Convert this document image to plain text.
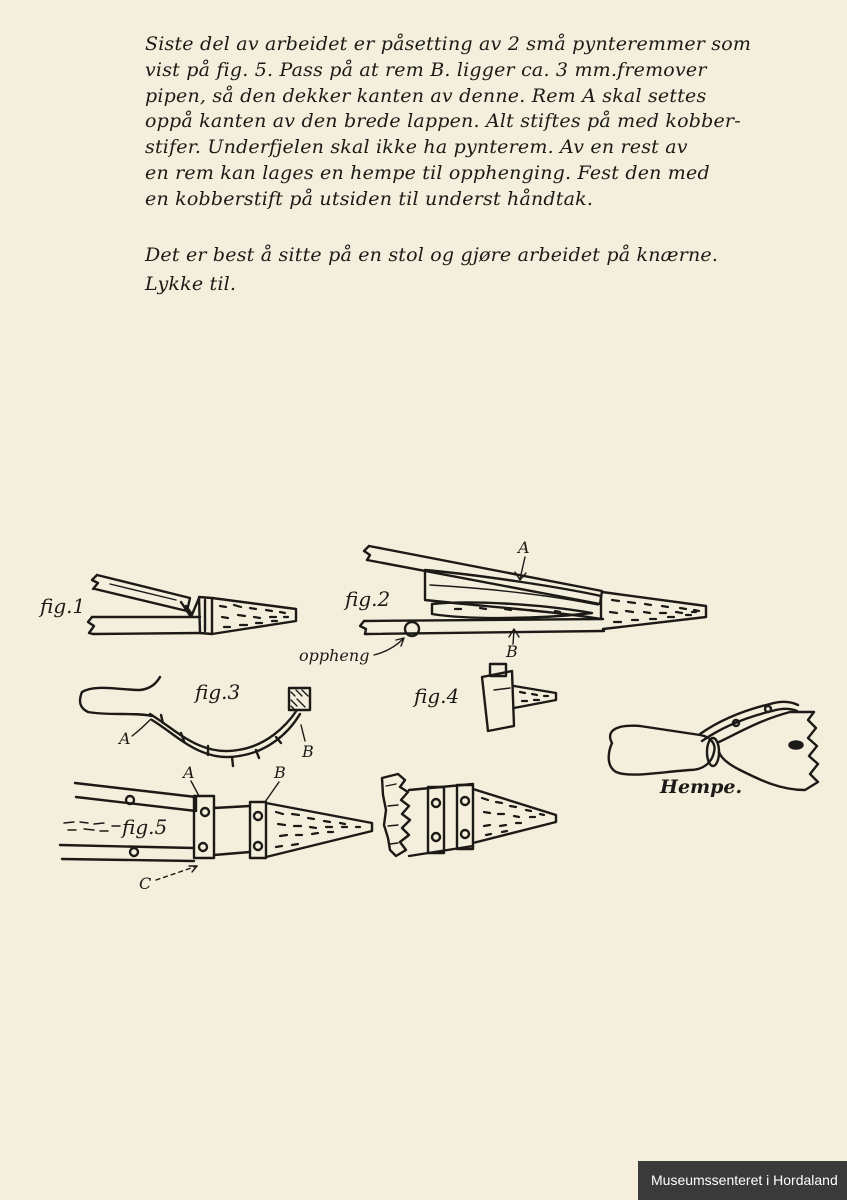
Siste del av arbeidet er påsetting av 2 små pynteremmer som
vist på fig. 5. Pass på at rem B. ligger ca. 3 mm.fremover
pipen, så den dekker kanten av denne. Rem A skal settes
oppå kanten av den brede lappen. Alt stiftes på med kobber-
stifer. Underfjelen skal ikke ha pynterem. Av en rest av
en rem kan lages en hempe til opphenging. Fest den med
en kobberstift på utsiden til underst håndtak.
Det er best å sitte på en stol og gjøre arbeidet på knærne.
Lykke til.
fig.1	fig.2
A
B
oppheng
fig.3
A
B
fig.4
fig.5
A	B
C
Hempe.
Museumssenteret i Hordaland
